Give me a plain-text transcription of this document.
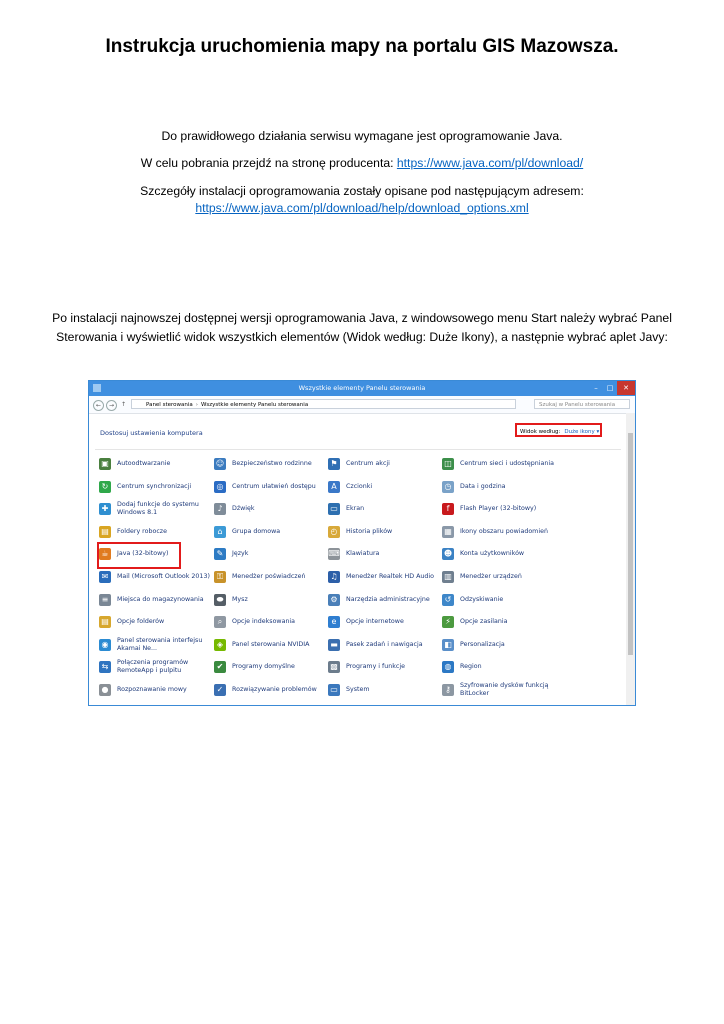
Instrukcja uruchomienia mapy na portalu GIS Mazowsza.
Do prawidłowego działania serwisu wymagane jest oprogramowanie Java.
W celu pobrania przejdź na stronę producenta: https://www.java.com/pl/download/
Szczegóły instalacji oprogramowania zostały opisane pod następującym adresem:
https://www.java.com/pl/download/help/download_options.xml
Po instalacji najnowszej dostępnej wersji oprogramowania Java, z windowsowego menu Start należy wybrać Panel
Sterowania i wyświetlić widok wszystkich elementów (Widok według: Duże Ikony), a następnie wybrać aplet Javy:
Wszystkie elementy Panelu sterowania	–	□	✕
←	→	↑	Panel sterowania › Wszystkie elementy Panelu sterowania	Szukaj w Panelu sterowania
Dostosuj ustawienia komputera	Widok według: Duże ikony ▾
▣	Autoodtwarzanie	☺ Bezpieczeństwo rodzinne	⚑	Centrum akcji	◫	Centrum sieci i udostępniania
↻	Centrum synchronizacji	◎	Centrum ułatwień dostępu	A	Czcionki	◷	Data i godzina
✚	Dodaj funkcje do systemu Windows 8.1	♪	Dźwięk	▭	Ekran	f	Flash Player (32-bitowy)
▤	Foldery robocze	⌂	Grupa domowa	◴	Historia plików	▦	Ikony obszaru powiadomień
☕	Java (32-bitowy)	✎	Język	⌨ Klawiatura	☻ Konta użytkowników
✉	Mail (Microsoft Outlook 2013) ⚿	Menedżer poświadczeń	♫	Menedżer Realtek HD Audio ▥	Menedżer urządzeń
≡	Miejsca do magazynowania	⬬	Mysz	⚙	Narzędzia administracyjne	↺	Odzyskiwanie
▤	Opcje folderów	⌕	Opcje indeksowania	e	Opcje internetowe	⚡	Opcje zasilania
◉	Panel sterowania interfejsu Akamai Ne...	◈	Panel sterowania NVIDIA	▬	Pasek zadań i nawigacja	◧	Personalizacja
⇆	Połączenia programów RemoteApp i pulpitu	✔	Programy domyślne	▩	Programy i funkcje	◍	Region
●	Rozpoznawanie mowy	✓	Rozwiązywanie problemów ▭	System	⚷	Szyfrowanie dysków funkcją BitLocker
